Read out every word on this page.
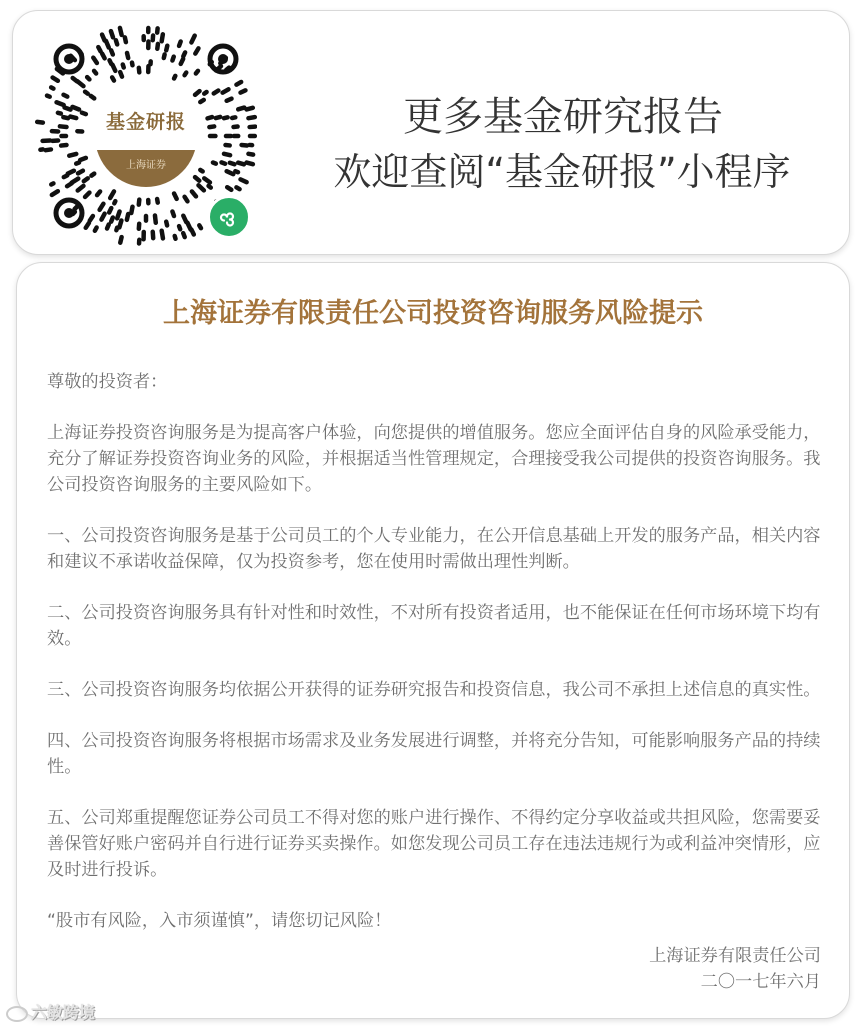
基金研报
上海证券
更多基金研究报告
欢迎查阅“基金研报”小程序
上海证券有限责任公司投资咨询服务风险提示

尊敬的投资者：

上海证券投资咨询服务是为提高客户体验，向您提供的增值服务。您应全面评估自身的风险承受能力，充分了解证券投资咨询业务的风险，并根据适当性管理规定，合理接受我公司提供的投资咨询服务。我公司投资咨询服务的主要风险如下。

一、公司投资咨询服务是基于公司员工的个人专业能力，在公开信息基础上开发的服务产品，相关内容和建议不承诺收益保障，仅为投资参考，您在使用时需做出理性判断。

二、公司投资咨询服务具有针对性和时效性，不对所有投资者适用，也不能保证在任何市场环境下均有效。

三、公司投资咨询服务均依据公开获得的证券研究报告和投资信息，我公司不承担上述信息的真实性。

四、公司投资咨询服务将根据市场需求及业务发展进行调整，并将充分告知，可能影响服务产品的持续性。

五、公司郑重提醒您证券公司员工不得对您的账户进行操作、不得约定分享收益或共担风险，您需要妥善保管好账户密码并自行进行证券买卖操作。如您发现公司员工存在违法违规行为或利益冲突情形，应及时进行投诉。

“股市有风险，入市须谨慎”，请您切记风险！

上海证券有限责任公司
二〇一七年六月
六敏跨境
